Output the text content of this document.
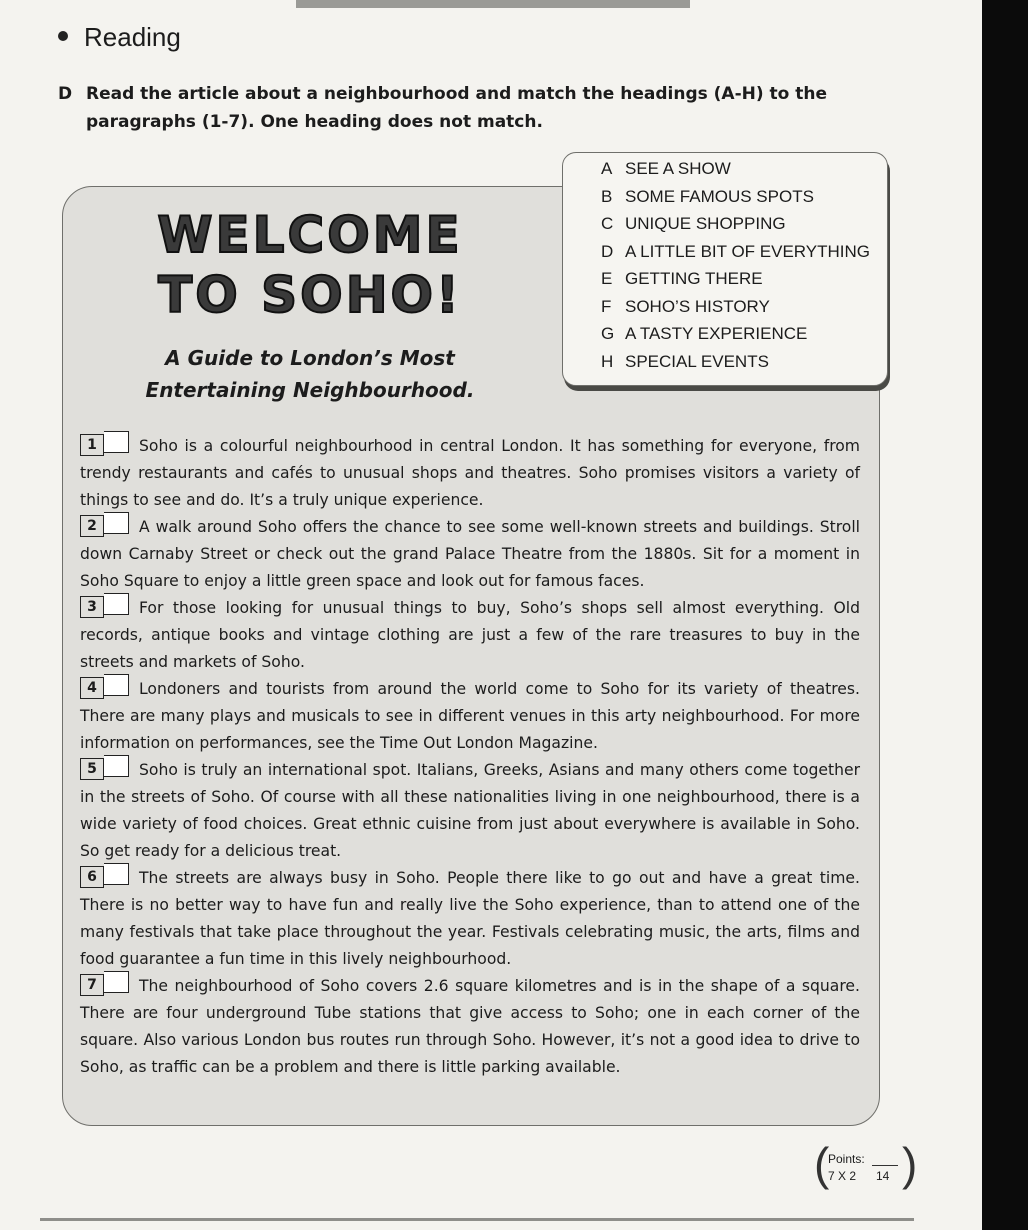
Reading
D Read the article about a neighbourhood and match the headings (A-H) to the
paragraphs (1-7). One heading does not match.
WELCOME
TO SOHO!
A Guide to London’s Most
Entertaining Neighbourhood.
A SEE A SHOW
B SOME FAMOUS SPOTS
C UNIQUE SHOPPING
D A LITTLE BIT OF EVERYTHING
E GETTING THERE
F SOHO’S HISTORY
G A TASTY EXPERIENCE
H SPECIAL EVENTS

1	Soho is a colourful neighbourhood in central London. It has something for everyone, from trendy restaurants and cafés to unusual shops and theatres. Soho promises visitors a variety of things to see and do. It’s a truly unique experience.

2	A walk around Soho offers the chance to see some well-known streets and buildings. Stroll down Carnaby Street or check out the grand Palace Theatre from the 1880s. Sit for a moment in Soho Square to enjoy a little green space and look out for famous faces.

3	For those looking for unusual things to buy, Soho’s shops sell almost everything. Old records, antique books and vintage clothing are just a few of the rare treasures to buy in the streets and markets of Soho.

4	Londoners and tourists from around the world come to Soho for its variety of theatres. There are many plays and musicals to see in different venues in this arty neighbourhood. For more information on performances, see the Time Out London Magazine.

5	Soho is truly an international spot. Italians, Greeks, Asians and many others come together in the streets of Soho. Of course with all these nationalities living in one neighbourhood, there is a wide variety of food choices. Great ethnic cuisine from just about everywhere is available in Soho. So get ready for a delicious treat.

6	The streets are always busy in Soho. People there like to go out and have a great time. There is no better way to have fun and really live the Soho experience, than to attend one of the many festivals that take place throughout the year. Festivals celebrating music, the arts, films and food guarantee a fun time in this lively neighbourhood.

7	The neighbourhood of Soho covers 2.6 square kilometres and is in the shape of a square. There are four underground Tube stations that give access to Soho; one in each corner of the square. Also various London bus routes run through Soho. However, it’s not a good idea to drive to Soho, as traffic can be a problem and there is little parking available.

(
Points:
7 X 2 14 )
